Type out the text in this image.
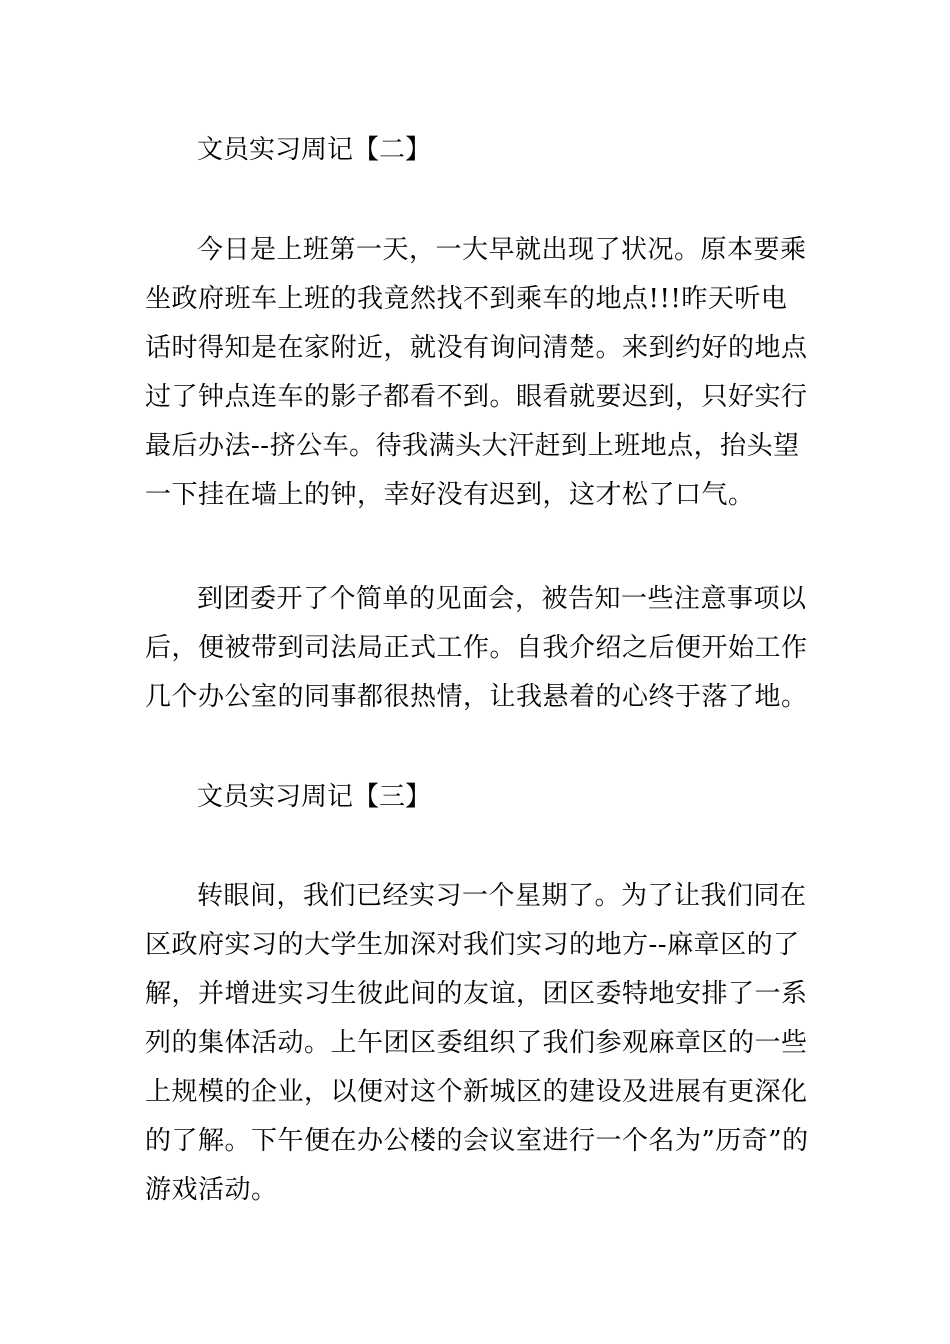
文员实习周记【二】

今日是上班第一天，一大早就出现了状况。原本要乘坐政府班车上班的我竟然找不到乘车的地点!!!昨天听电话时得知是在家附近，就没有询问清楚。来到约好的地点过了钟点连车的影子都看不到。眼看就要迟到，只好实行最后办法--挤公车。待我满头大汗赶到上班地点，抬头望一下挂在墙上的钟，幸好没有迟到，这才松了口气。

到团委开了个简单的见面会，被告知一些注意事项以后，便被带到司法局正式工作。自我介绍之后便开始工作几个办公室的同事都很热情，让我悬着的心终于落了地。

文员实习周记【三】

转眼间，我们已经实习一个星期了。为了让我们同在区政府实习的大学生加深对我们实习的地方--麻章区的了解，并增进实习生彼此间的友谊，团区委特地安排了一系列的集体活动。上午团区委组织了我们参观麻章区的一些上规模的企业，以便对这个新城区的建设及进展有更深化的了解。下午便在办公楼的会议室进行一个名为”历奇”的游戏活动。
